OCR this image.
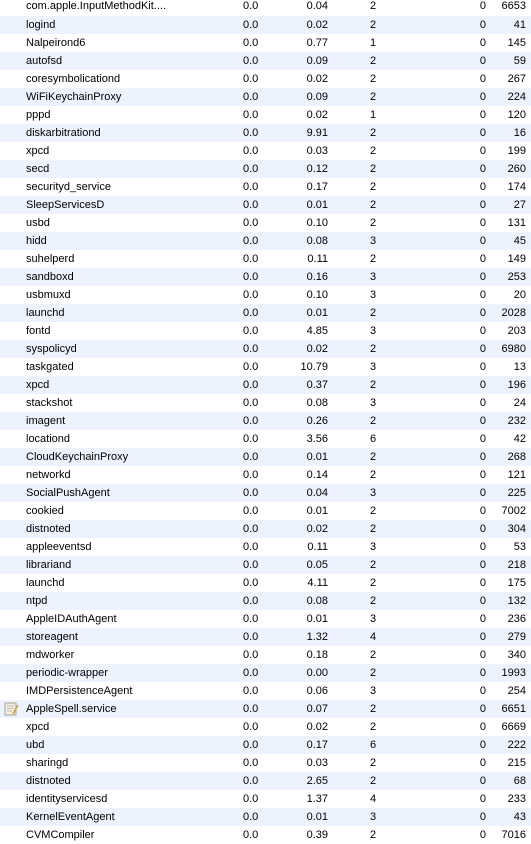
com.apple.InputMethodKit....	0.0	0.04	2	0	6653
logind	0.0	0.02	2	0	41
Nalpeirond6	0.0	0.77	1	0	145
autofsd	0.0	0.09	2	0	59
coresymbolicationd	0.0	0.02	2	0	267
WiFiKeychainProxy	0.0	0.09	2	0	224
pppd	0.0	0.02	1	0	120
diskarbitrationd	0.0	9.91	2	0	16
xpcd	0.0	0.03	2	0	199
secd	0.0	0.12	2	0	260
securityd_service	0.0	0.17	2	0	174
SleepServicesD	0.0	0.01	2	0	27
usbd	0.0	0.10	2	0	131
hidd	0.0	0.08	3	0	45
suhelperd	0.0	0.11	2	0	149
sandboxd	0.0	0.16	3	0	253
usbmuxd	0.0	0.10	3	0	20
launchd	0.0	0.01	2	0	2028
fontd	0.0	4.85	3	0	203
syspolicyd	0.0	0.02	2	0	6980
taskgated	0.0	10.79	3	0	13
xpcd	0.0	0.37	2	0	196
stackshot	0.0	0.08	3	0	24
imagent	0.0	0.26	2	0	232
locationd	0.0	3.56	6	0	42
CloudKeychainProxy	0.0	0.01	2	0	268
networkd	0.0	0.14	2	0	121
SocialPushAgent	0.0	0.04	3	0	225
cookied	0.0	0.01	2	0	7002
distnoted	0.0	0.02	2	0	304
appleeventsd	0.0	0.11	3	0	53
librariand	0.0	0.05	2	0	218
launchd	0.0	4.11	2	0	175
ntpd	0.0	0.08	2	0	132
AppleIDAuthAgent	0.0	0.01	3	0	236
storeagent	0.0	1.32	4	0	279
mdworker	0.0	0.18	2	0	340
periodic-wrapper	0.0	0.00	2	0	1993
IMDPersistenceAgent	0.0	0.06	3	0	254
AppleSpell.service	0.0	0.07	2	0	6651
xpcd	0.0	0.02	2	0	6669
ubd	0.0	0.17	6	0	222
sharingd	0.0	0.03	2	0	215
distnoted	0.0	2.65	2	0	68
identityservicesd	0.0	1.37	4	0	233
KernelEventAgent	0.0	0.01	3	0	43
CVMCompiler	0.0	0.39	2	0	7016
